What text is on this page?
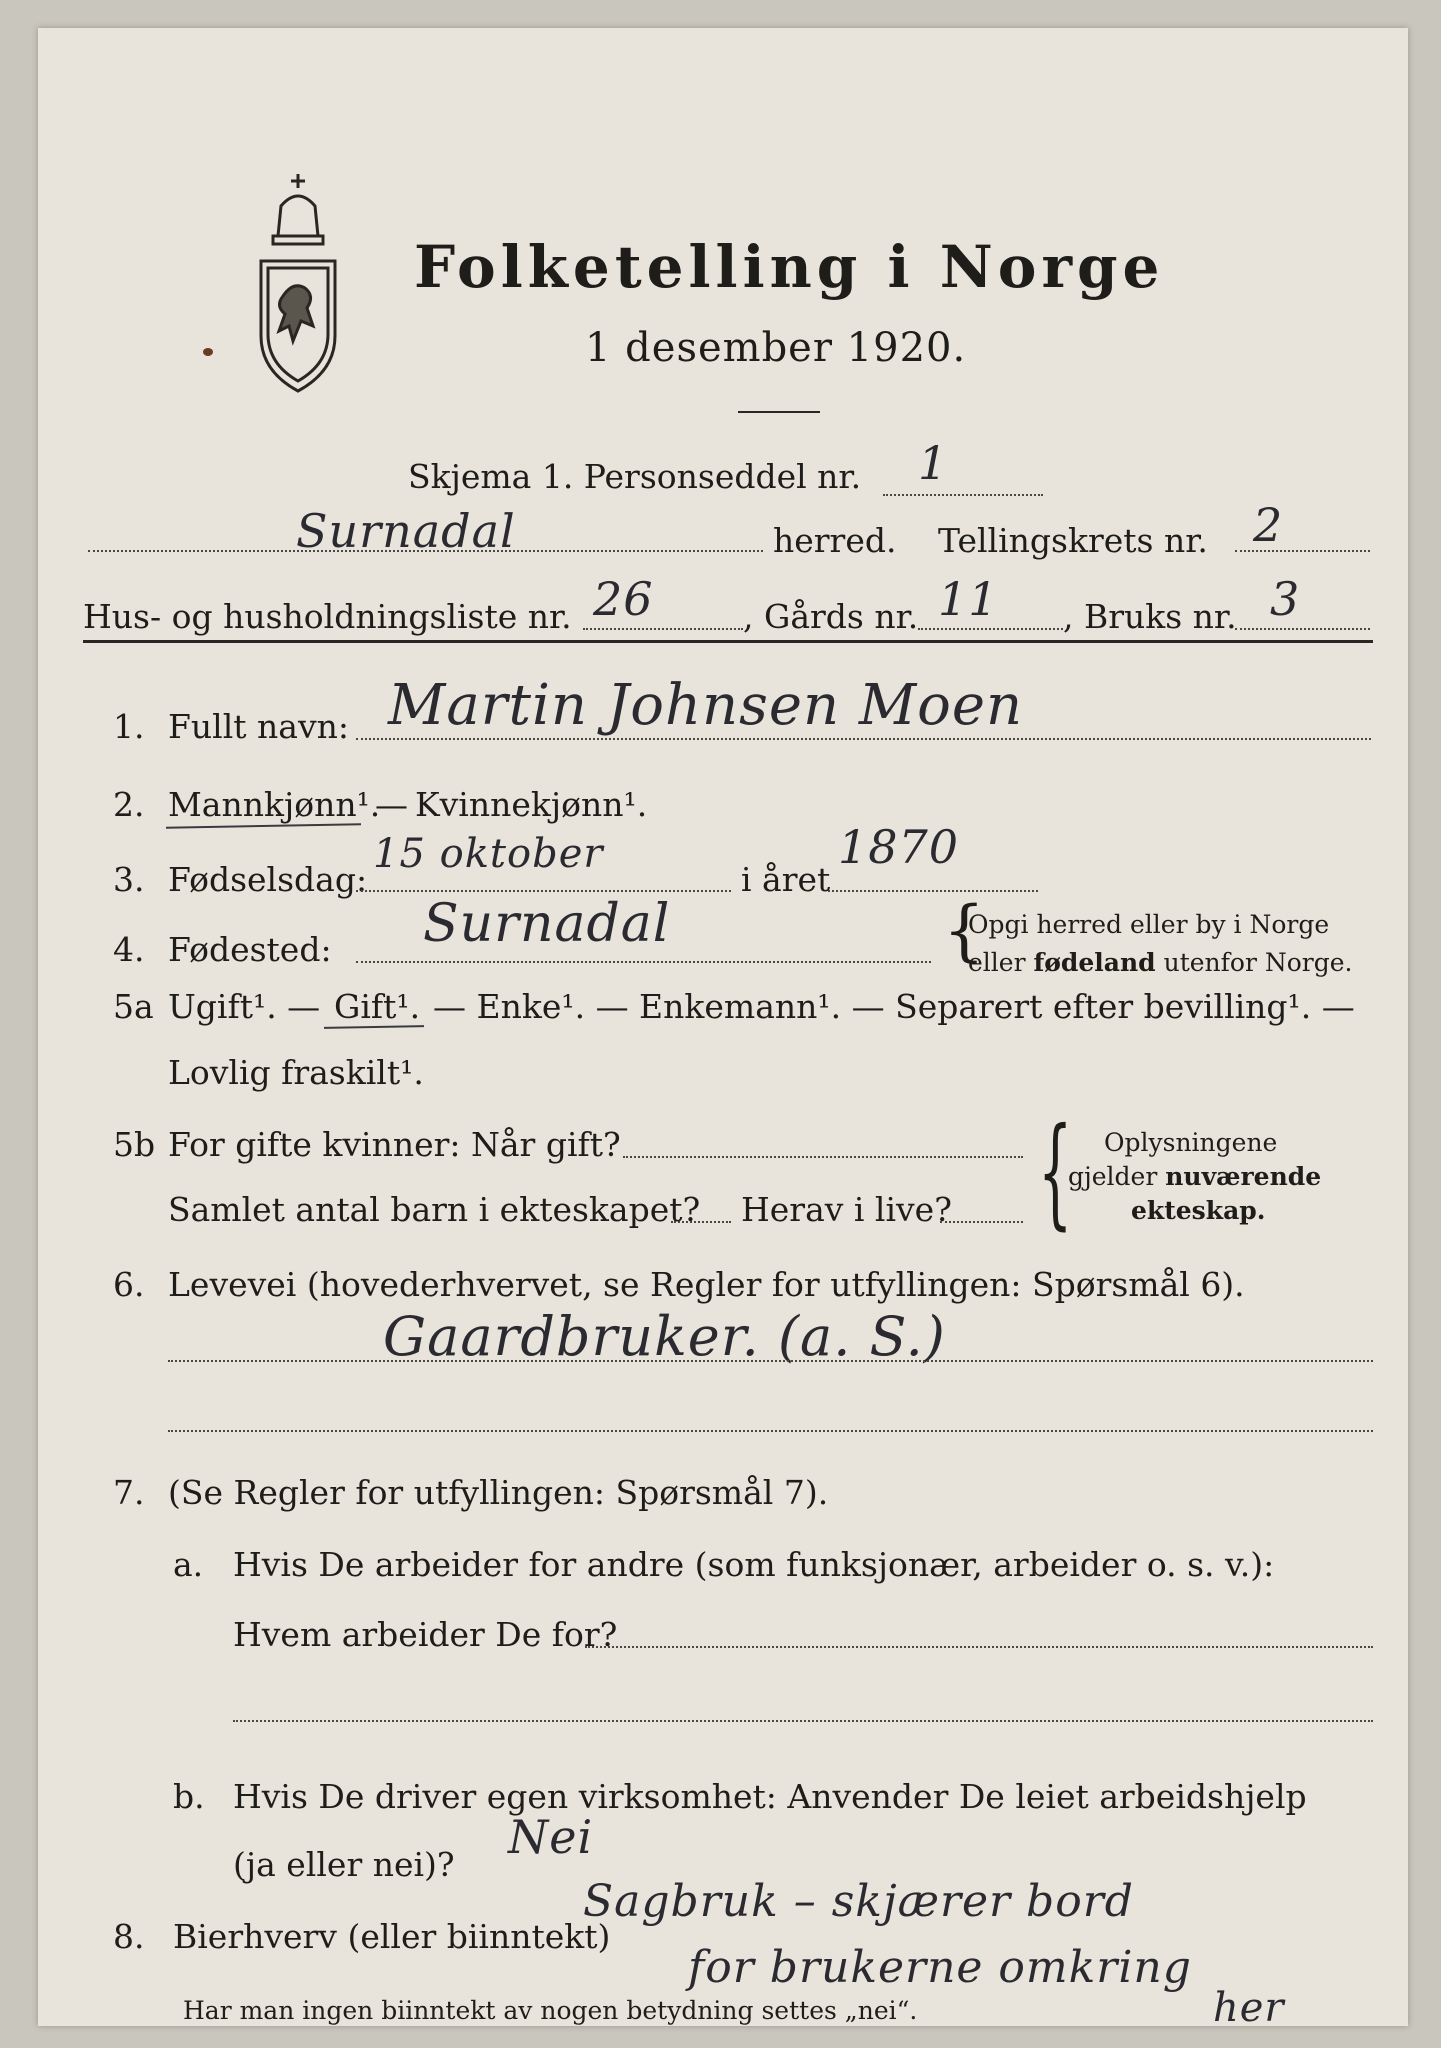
Folketelling i Norge
1 desember 1920.
Skjema 1. Personseddel nr. 1
Surnadal	herred. Tellingskrets nr. 2
Hus- og husholdningsliste nr. 26	, Gårds nr. 11 , Bruks nr. 3
1. Fullt navn: Martin Johnsen Moen
2. Mannkjønn¹.
— Kvinnekjønn¹.
3. Fødselsdag:
15 oktober
i året
1870
4. Fødested: Surnadal	{
Opgi herred eller by i Norge
eller fødeland utenfor Norge.
5a Ugift¹. — Gift¹. — Enke¹. — Enkemann¹. — Separert efter bevilling¹. —
Lovlig fraskilt¹.
5b For gifte kvinner: Når gift?
Samlet antal barn i ekteskapet? Herav i live? { Oplysningene
gjelder nuværende
ekteskap.
6. Levevei (hovederhvervet, se Regler for utfyllingen: Spørsmål 6).
Gaardbruker. (a. S.)
7. (Se Regler for utfyllingen: Spørsmål 7).
a. Hvis De arbeider for andre (som funksjonær, arbeider o. s. v.):
Hvem arbeider De for?
b. Hvis De driver egen virksomhet: Anvender De leiet arbeidshjelp
(ja eller nei)?
Nei
8. Bierhverv (eller biinntekt)
Sagbruk – skjærer bord
for brukerne omkring
her
Har man ingen biinntekt av nogen betydning settes „nei“.
